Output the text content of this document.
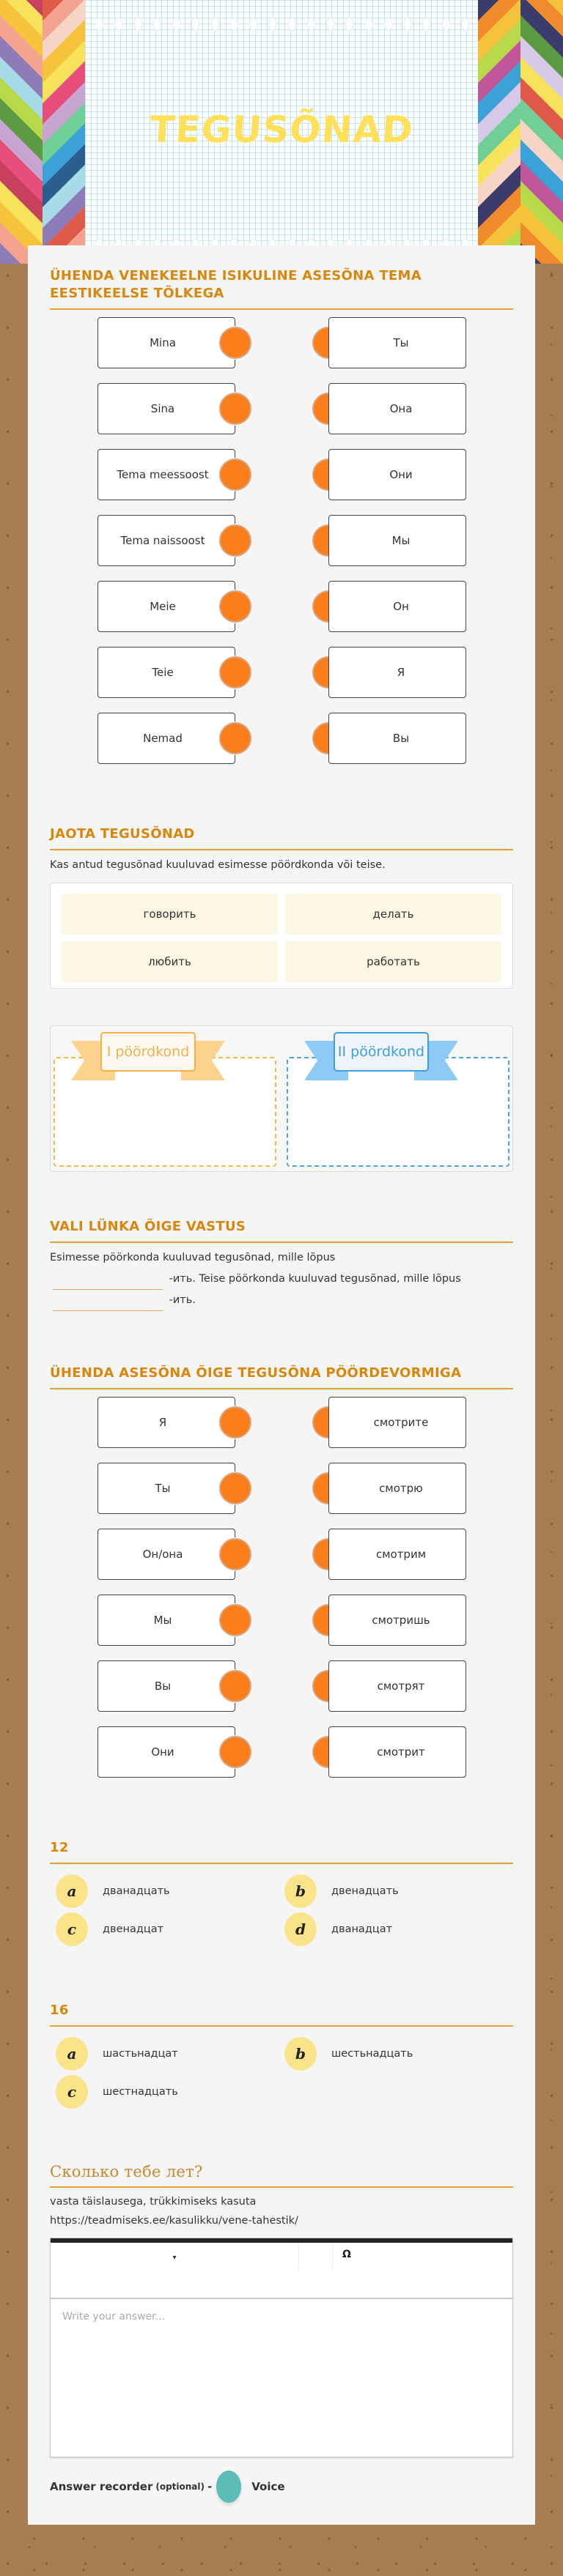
TEGUSÕNAD
ÜHENDA VENEKEELNE ISIKULINE ASESÕNA TEMA EESTIKEELSE TÕLKEGA
Mina	Ты
Sina	Она
Tema meessoost	Они
Tema naissoost	Мы
Meie	Он
Teie	Я
Nemad	Вы
JAOTA TEGUSÕNAD
Kas antud tegusõnad kuuluvad esimesse pöördkonda või teise.
говорить	делать
любить	работать
I pöördkond	II pöördkond
VALI LÜNKA ÕIGE VASTUS
Esimesse pöörkonda kuuluvad tegusõnad, mille lõpus
-ить. Teise pöörkonda kuuluvad tegusõnad, mille lõpus  -ить.
ÜHENDA ASESÕNA ÕIGE TEGUSÕNA PÖÖRDEVORMIGA
Я	смотрите
Ты	смотрю
Он/она	смотрим
Мы	смотришь
Вы	смотрят
Они	смотрит
12
a	дванадцать	b	двенадцать
c	двенадцат	d	дванадцат
16
a	шастьнадцат	b	шестьнадцать
c	шестнадцать
Сколько тебе лет?
vasta täislausega, trükkimiseks kasuta
https://teadmiseks.ee/kasulikku/vene-tahestik/
▾	Ω
Write your answer...
Answer recorder (optional) -	Voice
